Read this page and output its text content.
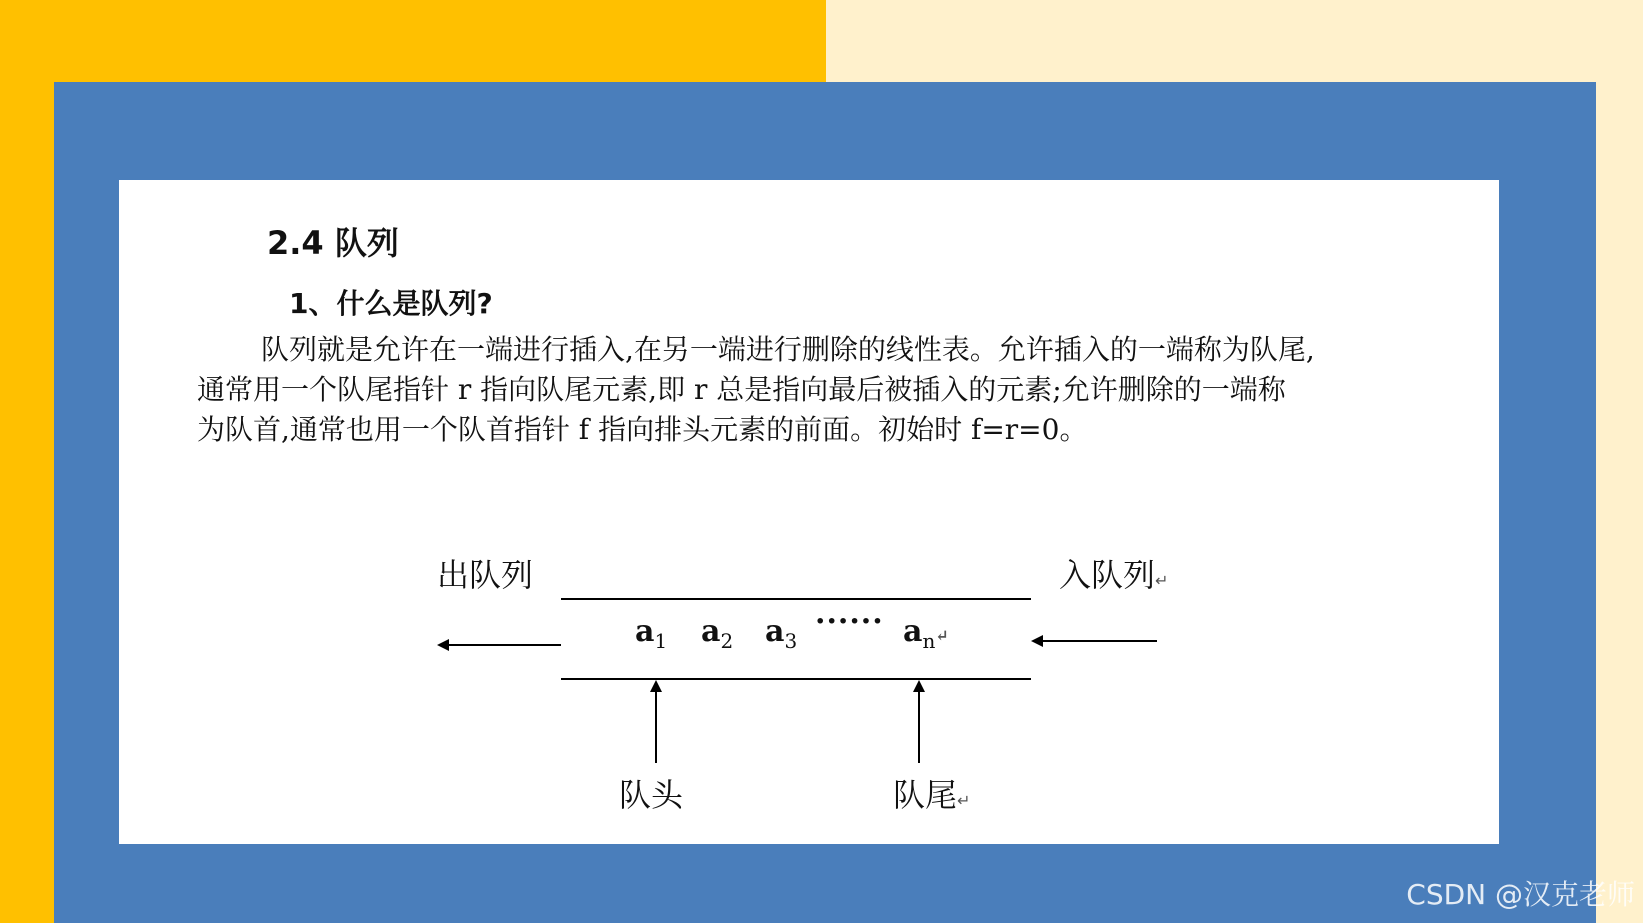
2.4 队列
1、什么是队列?
队列就是允许在一端进行插入,在另一端进行删除的线性表。允许插入的一端称为队尾,
通常用一个队尾指针 r 指向队尾元素,即 r 总是指向最后被插入的元素;允许删除的一端称
为队首,通常也用一个队首指针 f 指向排头元素的前面。初始时 f=r=0。
出队列	入队列↵
$a_1$ $a_2$ $a_3$
······ $a_n↵$
队头	队尾↵
CSDN @汉克老师
